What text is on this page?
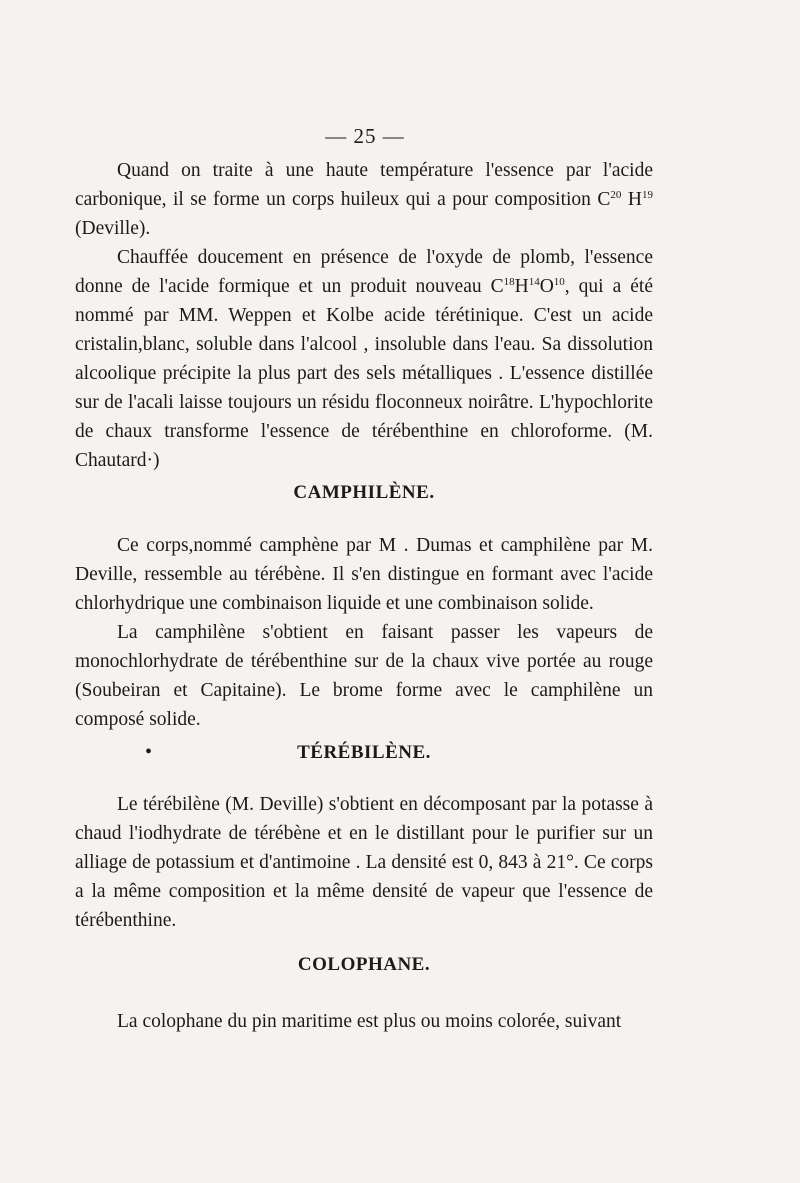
— 25 —

Quand on traite à une haute température l'essence par l'acide carbonique, il se forme un corps huileux qui a pour composition $C^{20}$ $H^{19}$ (Deville).

Chauffée doucement en présence de l'oxyde de plomb, l'essence donne de l'acide formique et un produit nouveau $C^{18}H^{14}O^{10}$, qui a été nommé par MM. Weppen et Kolbe acide térétinique. C'est un acide cristalin,blanc, soluble dans l'alcool , insoluble dans l'eau. Sa dissolution alcoolique précipite la plus part des sels métalliques . L'essence distillée sur de l'acali laisse toujours un résidu floconneux noirâtre. L'hypochlorite de chaux transforme l'essence de térébenthine en chloroforme. (M. Chautard·)

CAMPHILÈNE.

Ce corps,nommé camphène par M . Dumas et camphilène par M. Deville, ressemble au térébène. Il s'en distingue en formant avec l'acide chlorhydrique une combinaison liquide et une combinaison solide.

La camphilène s'obtient en faisant passer les vapeurs de monochlorhydrate de térébenthine sur de la chaux vive portée au rouge (Soubeiran et Capitaine). Le brome forme avec le camphilène un composé solide.

•	TÉRÉBILÈNE.

Le térébilène (M. Deville) s'obtient en décomposant par la potasse à chaud l'iodhydrate de térébène et en le distillant pour le purifier sur un alliage de potassium et d'antimoine . La densité est 0, 843 à 21°. Ce corps a la même composition et la même densité de vapeur que l'essence de térébenthine.

COLOPHANE.

La colophane du pin maritime est plus ou moins colorée, suivant
